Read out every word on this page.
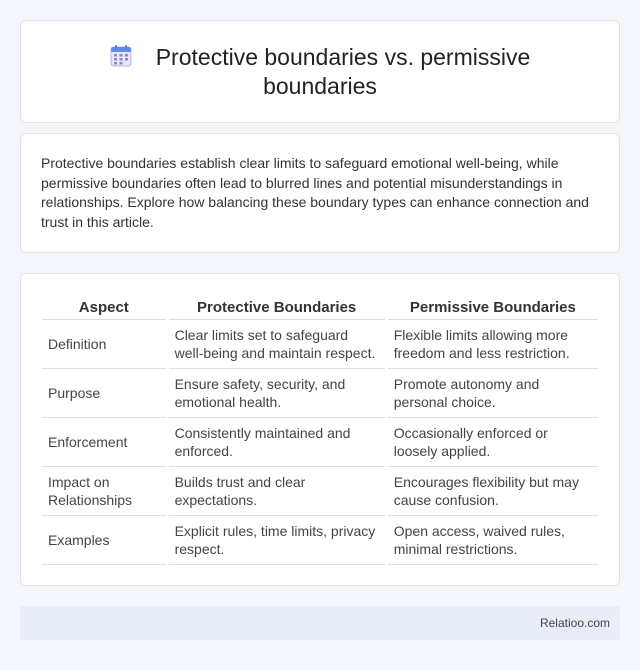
Protective boundaries vs. permissive boundaries

Protective boundaries establish clear limits to safeguard emotional well-being, while permissive boundaries often lead to blurred lines and potential misunderstandings in relationships. Explore how balancing these boundary types can enhance connection and trust in this article.

Aspect	Protective Boundaries	Permissive Boundaries
Definition	Clear limits set to safeguard well-being and maintain respect.	Flexible limits allowing more freedom and less restriction.
Purpose	Ensure safety, security, and emotional health.	Promote autonomy and personal choice.
Enforcement	Consistently maintained and enforced.	Occasionally enforced or loosely applied.
Impact on Relationships	Builds trust and clear expectations.	Encourages flexibility but may cause confusion.
Examples	Explicit rules, time limits, privacy respect.	Open access, waived rules, minimal restrictions.
Relatioo.com
